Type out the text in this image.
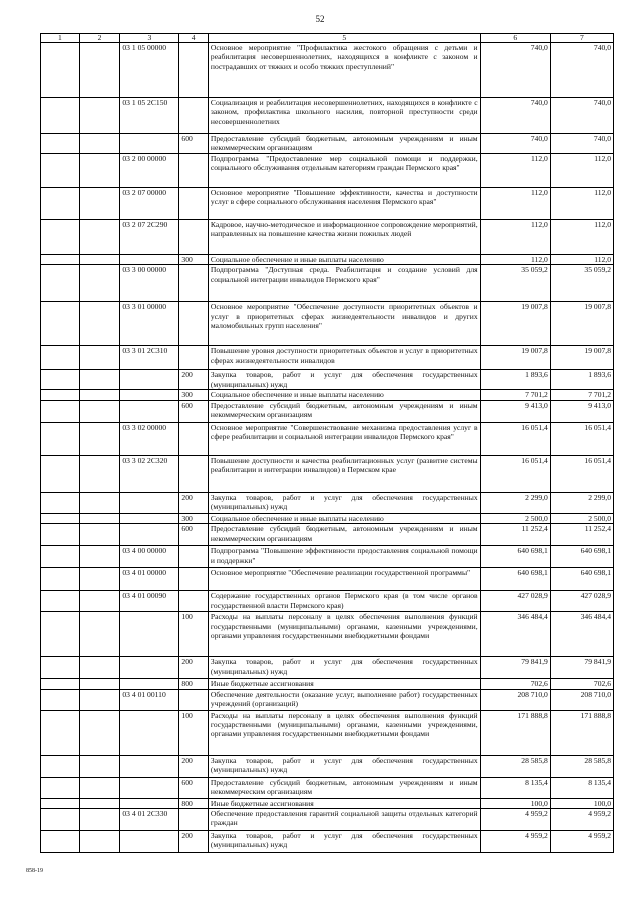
52
1	2	3	4	5	6	7
		03 1 05 00000		Основное мероприятие "Профилактика жестокого обращения с детьми и реабилитация несовершеннолетних, находящихся в конфликте с законом и пострадавших от тяжких и особо тяжких преступлений"	740,0	740,0
		03 1 05 2С150		Социализация и реабилитация несовершеннолетних, находящихся в конфликте с законом, профилактика школьного насилия, повторной преступности среди несовершеннолетних	740,0	740,0
			600	Предоставление субсидий бюджетным, автономным учреждениям и иным некоммерческим организациям	740,0	740,0
		03 2 00 00000		Подпрограмма "Предоставление мер социальной помощи и поддержки, социального обслуживания отдельным категориям граждан Пермского края"	112,0	112,0
		03 2 07 00000		Основное мероприятие "Повышение эффективности, качества и доступности услуг в сфере социального обслуживания населения Пермского края"	112,0	112,0
		03 2 07 2С290		Кадровое, научно-методическое и информационное сопровождение мероприятий, направленных на повышение качества жизни пожилых людей	112,0	112,0
			300	Социальное обеспечение и иные выплаты населению	112,0	112,0
		03 3 00 00000		Подпрограмма "Доступная среда. Реабилитация и создание условий для социальной интеграции инвалидов Пермского края"	35 059,2	35 059,2
		03 3 01 00000		Основное мероприятие "Обеспечение доступности приоритетных объектов и услуг в приоритетных сферах жизнедеятельности инвалидов и других маломобильных групп населения"	19 007,8	19 007,8
		03 3 01 2С310		Повышение уровня доступности приоритетных объектов и услуг в приоритетных сферах жизнедеятельности инвалидов	19 007,8	19 007,8
			200	Закупка товаров, работ и услуг для обеспечения государственных (муниципальных) нужд	1 893,6	1 893,6
			300	Социальное обеспечение и иные выплаты населению	7 701,2	7 701,2
			600	Предоставление субсидий бюджетным, автономным учреждениям и иным некоммерческим организациям	9 413,0	9 413,0
		03 3 02 00000		Основное мероприятие "Совершенствование механизма предоставления услуг в сфере реабилитации и социальной интеграции инвалидов Пермского края"	16 051,4	16 051,4
		03 3 02 2С320		Повышение доступности и качества реабилитационных услуг (развитие системы реабилитации и интеграции инвалидов) в Пермском крае	16 051,4	16 051,4
			200	Закупка товаров, работ и услуг для обеспечения государственных (муниципальных) нужд	2 299,0	2 299,0
			300	Социальное обеспечение и иные выплаты населению	2 500,0	2 500,0
			600	Предоставление субсидий бюджетным, автономным учреждениям и иным некоммерческим организациям	11 252,4	11 252,4
		03 4 00 00000		Подпрограмма "Повышение эффективности предоставления социальной помощи и поддержки"	640 698,1	640 698,1
		03 4 01 00000		Основное мероприятие "Обеспечение реализации государственной программы"	640 698,1	640 698,1
		03 4 01 00090		Содержание государственных органов Пермского края (в том числе органов государственной власти Пермского края)	427 028,9	427 028,9
			100	Расходы на выплаты персоналу в целях обеспечения выполнения функций государственными (муниципальными) органами, казенными учреждениями, органами управления государственными внебюджетными фондами	346 484,4	346 484,4
			200	Закупка товаров, работ и услуг для обеспечения государственных (муниципальных) нужд	79 841,9	79 841,9
			800	Иные бюджетные ассигнования	702,6	702,6
		03 4 01 00110		Обеспечение деятельности (оказание услуг, выполнение работ) государственных учреждений (организаций)	208 710,0	208 710,0
			100	Расходы на выплаты персоналу в целях обеспечения выполнения функций государственными (муниципальными) органами, казенными учреждениями, органами управления государственными внебюджетными фондами	171 888,8	171 888,8
			200	Закупка товаров, работ и услуг для обеспечения государственных (муниципальных) нужд	28 585,8	28 585,8
			600	Предоставление субсидий бюджетным, автономным учреждениям и иным некоммерческим организациям	8 135,4	8 135,4
			800	Иные бюджетные ассигнования	100,0	100,0
		03 4 01 2С330		Обеспечение предоставления гарантий социальной защиты отдельных категорий граждан	4 959,2	4 959,2
			200	Закупка товаров, работ и услуг для обеспечения государственных (муниципальных) нужд	4 959,2	4 959,2
858-19
